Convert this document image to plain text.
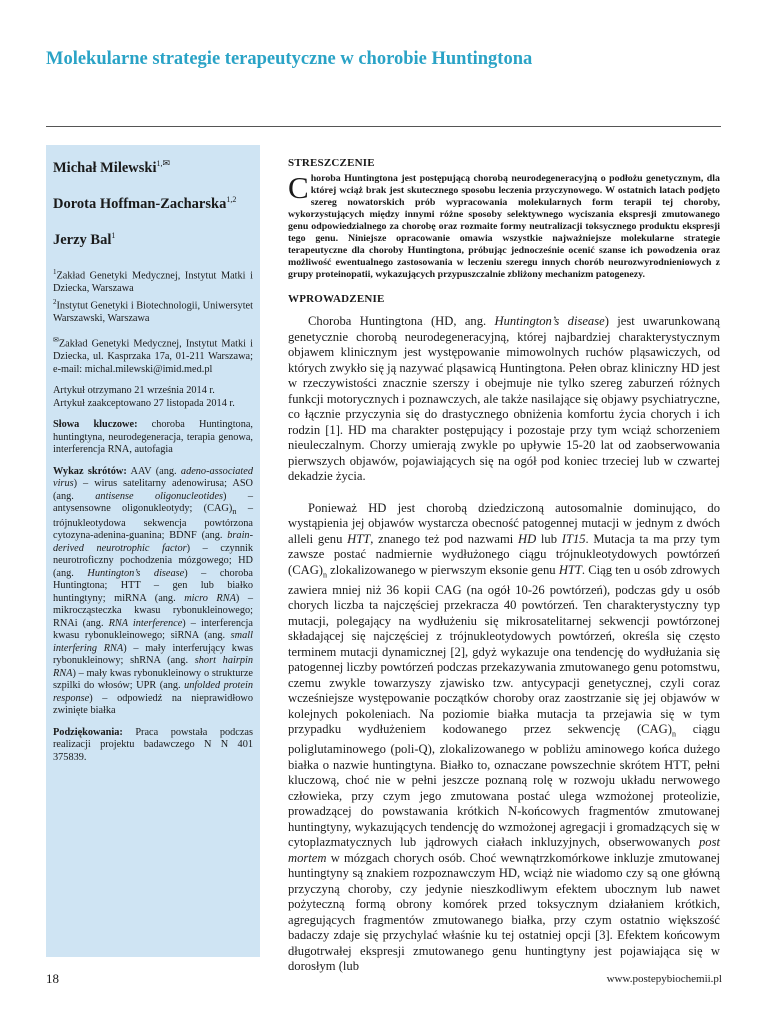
Molekularne strategie terapeutyczne w chorobie Huntingtona
Michał Milewski$^{1,✉}$
Dorota Hoffman-Zacharska$^{1,2}$
Jerzy Bal$^1$
$^1$Zakład Genetyki Medycznej, Instytut Matki i Dziecka, Warszawa
$^2$Instytut Genetyki i Biotechnologii, Uniwersytet Warszawski, Warszawa
✉Zakład Genetyki Medycznej, Instytut Matki i Dziecka, ul. Kasprzaka 17a, 01-211 Warszawa; e-mail: michal.milewski@imid.med.pl
Artykuł otrzymano 21 września 2014 r.
Artykuł zaakceptowano 27 listopada 2014 r.
Słowa kluczowe: choroba Huntingtona, huntingtyna, neurodegeneracja, terapia genowa, interferencja RNA, autofagia
Wykaz skrótów: AAV (ang. adeno-associated virus) – wirus satelitarny adenowirusa; ASO (ang. antisense oligonucleotides) – antysensowne oligonukleotydy; $(CAG)_n$ – trójnukleotydowa sekwencja powtórzona cytozyna-adenina-guanina; BDNF (ang. brain-derived neurotrophic factor) – czynnik neurotroficzny pochodzenia mózgowego; HD (ang. Huntington’s disease) – choroba Huntingtona; HTT – gen lub białko huntingtyny; miRNA (ang. micro RNA) – mikrocząsteczka kwasu rybonukleinowego; RNAi (ang. RNA interference) – interferencja kwasu rybonukleinowego; siRNA (ang. small interfering RNA) – mały interferujący kwas rybonukleinowy; shRNA (ang. short hairpin RNA) – mały kwas rybonukleinowy o strukturze szpilki do włosów; UPR (ang. unfolded protein response) – odpowiedź na nieprawidłowo zwinięte białka
Podziękowania: Praca powstała podczas realizacji projektu badawczego N N 401 375839.
STRESZCZENIE
Choroba Huntingtona jest postępującą chorobą neurodegeneracyjną o podłożu genetycznym, dla której wciąż brak jest skutecznego sposobu leczenia przyczynowego. W ostatnich latach podjęto szereg nowatorskich prób wypracowania molekularnych form terapii tej choroby, wykorzystujących między innymi różne sposoby selektywnego wyciszania ekspresji zmutowanego genu odpowiedzialnego za chorobę oraz rozmaite formy neutralizacji toksycznego produktu ekspresji tego genu. Niniejsze opracowanie omawia wszystkie najważniejsze molekularne strategie terapeutyczne dla choroby Huntingtona, próbując jednocześnie ocenić szanse ich powodzenia oraz możliwość ewentualnego zastosowania w leczeniu szeregu innych chorób neurozwyrodnieniowych z grupy proteinopatii, wykazujących przypuszczalnie zbliżony mechanizm patogenezy.
WPROWADZENIE

Choroba Huntingtona (HD, ang. Huntington’s disease) jest uwarunkowaną genetycznie chorobą neurodegeneracyjną, której najbardziej charakterystycznym objawem klinicznym jest występowanie mimowolnych ruchów pląsawiczych, od których zwykło się ją nazywać pląsawicą Huntingtona. Pełen obraz kliniczny HD jest w rzeczywistości znacznie szerszy i obejmuje nie tylko szereg zaburzeń różnych funkcji motorycznych i poznawczych, ale także nasilające się objawy psychiatryczne, co łącznie przyczynia się do drastycznego obniżenia komfortu życia chorych i ich rodzin [1]. HD ma charakter postępujący i pozostaje przy tym wciąż schorzeniem nieuleczalnym. Chorzy umierają zwykle po upływie 15-20 lat od zaobserwowania pierwszych objawów, pojawiających się na ogół pod koniec trzeciej lub w czwartej dekadzie życia.

Ponieważ HD jest chorobą dziedziczoną autosomalnie dominująco, do wystąpienia jej objawów wystarcza obecność patogennej mutacji w jednym z dwóch alleli genu HTT, znanego też pod nazwami HD lub IT15. Mutacja ta ma przy tym zawsze postać nadmiernie wydłużonego ciągu trójnukleotydowych powtórzeń $(CAG)_n$ zlokalizowanego w pierwszym eksonie genu HTT. Ciąg ten u osób zdrowych zawiera mniej niż 36 kopii CAG (na ogół 10-26 powtórzeń), podczas gdy u osób chorych liczba ta najczęściej przekracza 40 powtórzeń. Ten charakterystyczny typ mutacji, polegający na wydłużeniu się mikrosatelitarnej sekwencji powtórzonej składającej się najczęściej z trójnukleotydowych powtórzeń, określa się często terminem mutacji dynamicznej [2], gdyż wykazuje ona tendencję do wydłużania się patogennej liczby powtórzeń podczas przekazywania zmutowanego genu potomstwu, czemu zwykle towarzyszy zjawisko tzw. antycypacji genetycznej, czyli coraz wcześniejsze występowanie początków choroby oraz zaostrzanie się jej objawów w kolejnych pokoleniach. Na poziomie białka mutacja ta przejawia się w tym przypadku wydłużeniem kodowanego przez sekwencję $(CAG)_n$ ciągu poliglutaminowego (poli-Q), zlokalizowanego w pobliżu aminowego końca dużego białka o nazwie huntingtyna. Białko to, oznaczane powszechnie skrótem HTT, pełni kluczową, choć nie w pełni jeszcze poznaną rolę w rozwoju układu nerwowego człowieka, przy czym jego zmutowana postać ulega wzmożonej proteolizie, prowadzącej do powstawania krótkich N-końcowych fragmentów zmutowanej huntingtyny, wykazujących tendencję do wzmożonej agregacji i gromadzących się w cytoplazmatycznych lub jądrowych ciałach inkluzyjnych, obserwowanych post mortem w mózgach chorych osób. Choć wewnątrzkomórkowe inkluzje zmutowanej huntingtyny są znakiem rozpoznawczym HD, wciąż nie wiadomo czy są one główną przyczyną choroby, czy jedynie nieszkodliwym efektem ubocznym lub nawet pożyteczną formą obrony komórek przed toksycznym działaniem krótkich, agregujących fragmentów zmutowanego białka, przy czym ostatnio większość badaczy zdaje się przychylać właśnie ku tej ostatniej opcji [3]. Efektem końcowym długotrwałej ekspresji zmutowanego genu huntingtyny jest pojawiająca się w dorosłym (lub

18	www.postepybiochemii.pl
